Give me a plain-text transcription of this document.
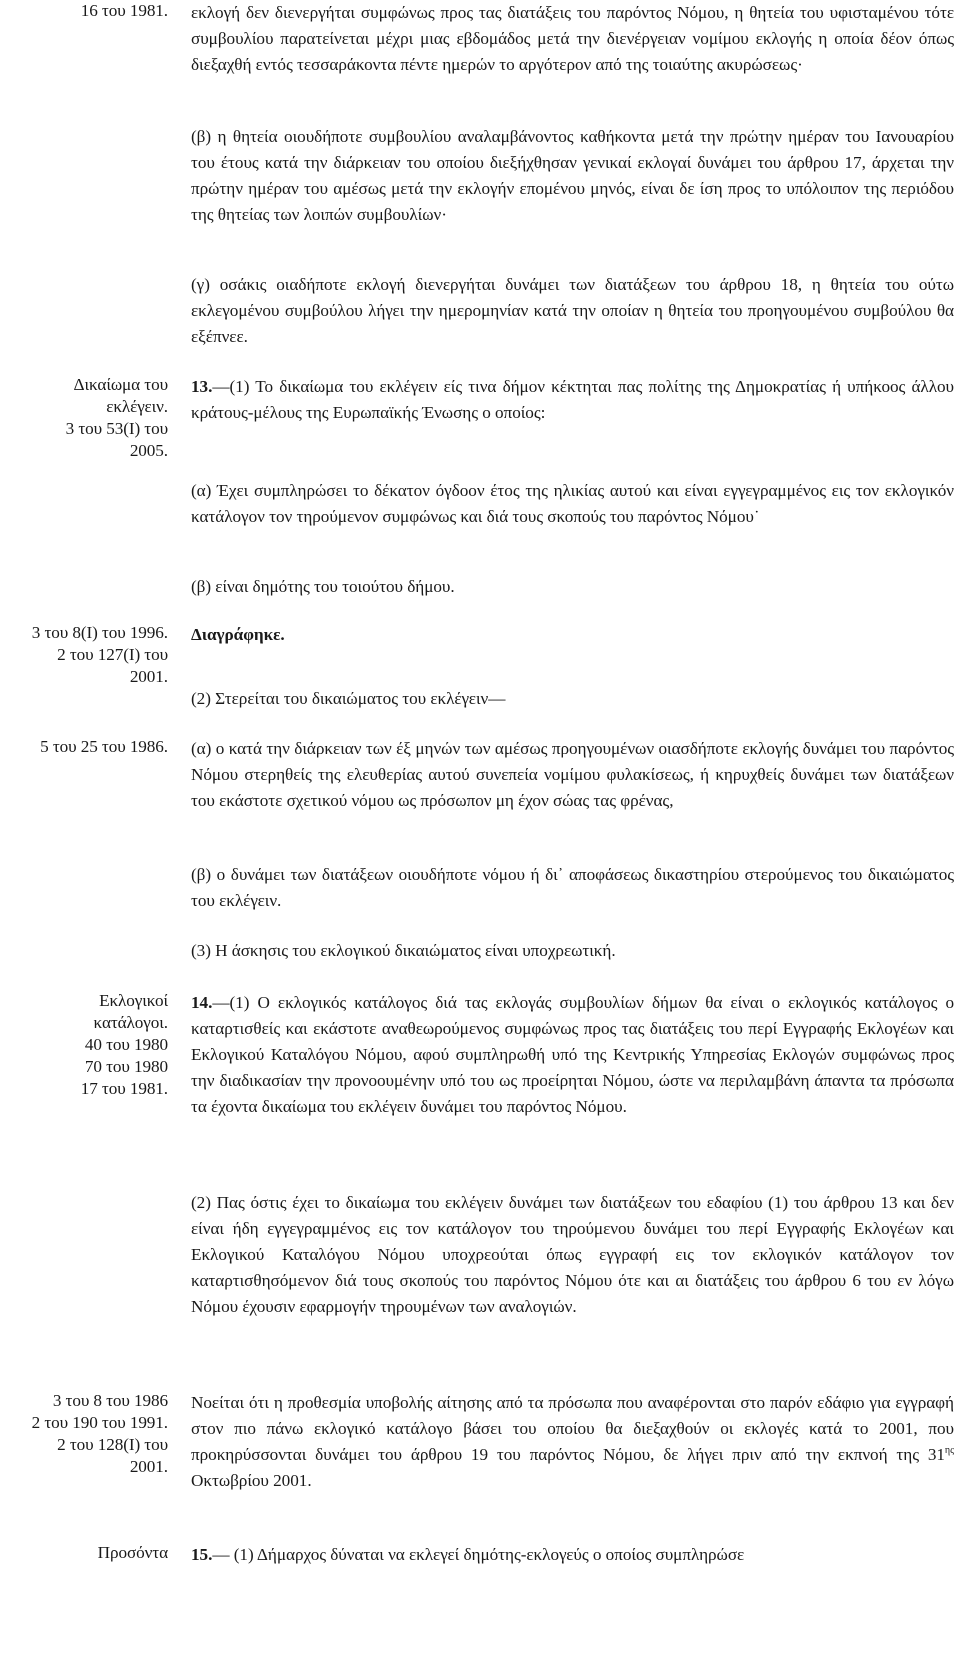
16 του 1981.
Δικαίωμα του
εκλέγειν.
3 του 53(Ι) του
2005.
3 του 8(Ι) του 1996.
2 του 127(Ι) του
2001.
5 του 25 του 1986.
Εκλογικοί
κατάλογοι.
40 του 1980
70 του 1980
17 του 1981.
3 του 8 του 1986
2 του 190 του 1991.
2 του 128(Ι) του
2001.
Προσόντα
εκλογή δεν διενεργήται συμφώνως προς τας διατάξεις του παρόντος Νόμου, η θητεία του υφισταμένου τότε συμβουλίου παρατείνεται μέχρι μιας εβδομάδος μετά την διενέργειαν νομίμου εκλογής η οποία δέον όπως διεξαχθή εντός τεσσαράκοντα πέντε ημερών το αργότερον από της τοιαύτης ακυρώσεως·
(β) η θητεία οιουδήποτε συμβουλίου αναλαμβάνοντος καθήκοντα μετά την πρώτην ημέραν του Ιανουαρίου του έτους κατά την διάρκειαν του οποίου διεξήχθησαν γενικαί εκλογαί δυνάμει του άρθρου 17, άρχεται την πρώτην ημέραν του αμέσως μετά την εκλογήν επομένου μηνός, είναι δε ίση προς το υπόλοιπον της περιόδου της θητείας των λοιπών συμβουλίων·
(γ) οσάκις οιαδήποτε εκλογή διενεργήται δυνάμει των διατάξεων του άρθρου 18, η θητεία του ούτω εκλεγομένου συμβούλου λήγει την ημερομηνίαν κατά την οποίαν η θητεία του προηγουμένου συμβούλου θα εξέπνεε.
13.—(1) Το δικαίωμα του εκλέγειν είς τινα δήμον κέκτηται πας πολίτης της Δημοκρατίας ή υπήκοος άλλου κράτους-μέλους της Ευρωπαϊκής Ένωσης ο οποίος:
(α) Έχει συμπληρώσει το δέκατον όγδοον έτος της ηλικίας αυτού και είναι εγγεγραμμένος εις τον εκλογικόν κατάλογον τον τηρούμενον συμφώνως και διά τους σκοπούς του παρόντος Νόμου˙
(β) είναι δημότης του τοιούτου δήμου.
Διαγράφηκε.
(2) Στερείται του δικαιώματος του εκλέγειν—
(α) ο κατά την διάρκειαν των έξ μηνών των αμέσως προηγουμένων οιασδήποτε εκλογής δυνάμει του παρόντος Νόμου στερηθείς της ελευθερίας αυτού συνεπεία νομίμου φυλακίσεως, ή κηρυχθείς δυνάμει των διατάξεων του εκάστοτε σχετικού νόμου ως πρόσωπον μη έχον σώας τας φρένας,
(β) ο δυνάμει των διατάξεων οιουδήποτε νόμου ή δι᾽ αποφάσεως δικαστηρίου στερούμενος του δικαιώματος του εκλέγειν.
(3) Η άσκησις του εκλογικού δικαιώματος είναι υποχρεωτική.
14.—(1) Ο εκλογικός κατάλογος διά τας εκλογάς συμβουλίων δήμων θα είναι ο εκλογικός κατάλογος ο καταρτισθείς και εκάστοτε αναθεωρούμενος συμφώνως προς τας διατάξεις του περί Εγγραφής Εκλογέων και Εκλογικού Καταλόγου Νόμου, αφού συμπληρωθή υπό της Κεντρικής Υπηρεσίας Εκλογών συμφώνως προς την διαδικασίαν την προνοουμένην υπό του ως προείρηται Νόμου, ώστε να περιλαμβάνη άπαντα τα πρόσωπα τα έχοντα δικαίωμα του εκλέγειν δυνάμει του παρόντος Νόμου.
(2) Πας όστις έχει το δικαίωμα του εκλέγειν δυνάμει των διατάξεων του εδαφίου (1) του άρθρου 13 και δεν είναι ήδη εγγεγραμμένος εις τον κατάλογον του τηρούμενου δυνάμει του περί Εγγραφής Εκλογέων και Εκλογικού Καταλόγου Νόμου υποχρεούται όπως εγγραφή εις τον εκλογικόν κατάλογον τον καταρτισθησόμενον διά τους σκοπούς του παρόντος Νόμου ότε και αι διατάξεις του άρθρου 6 του εν λόγω Νόμου έχουσιν εφαρμογήν τηρουμένων των αναλογιών.
Νοείται ότι η προθεσμία υποβολής αίτησης από τα πρόσωπα που αναφέρονται στο παρόν εδάφιο για εγγραφή στον πιο πάνω εκλογικό κατάλογο βάσει του οποίου θα διεξαχθούν οι εκλογές κατά το 2001, που προκηρύσσονται δυνάμει του άρθρου 19 του παρόντος Νόμου, δε λήγει πριν από την εκπνοή της $31^{\eta\varsigma}$ Οκτωβρίου 2001.
15.— (1) Δήμαρχος δύναται να εκλεγεί δημότης-εκλογεύς ο οποίος συμπληρώσε
